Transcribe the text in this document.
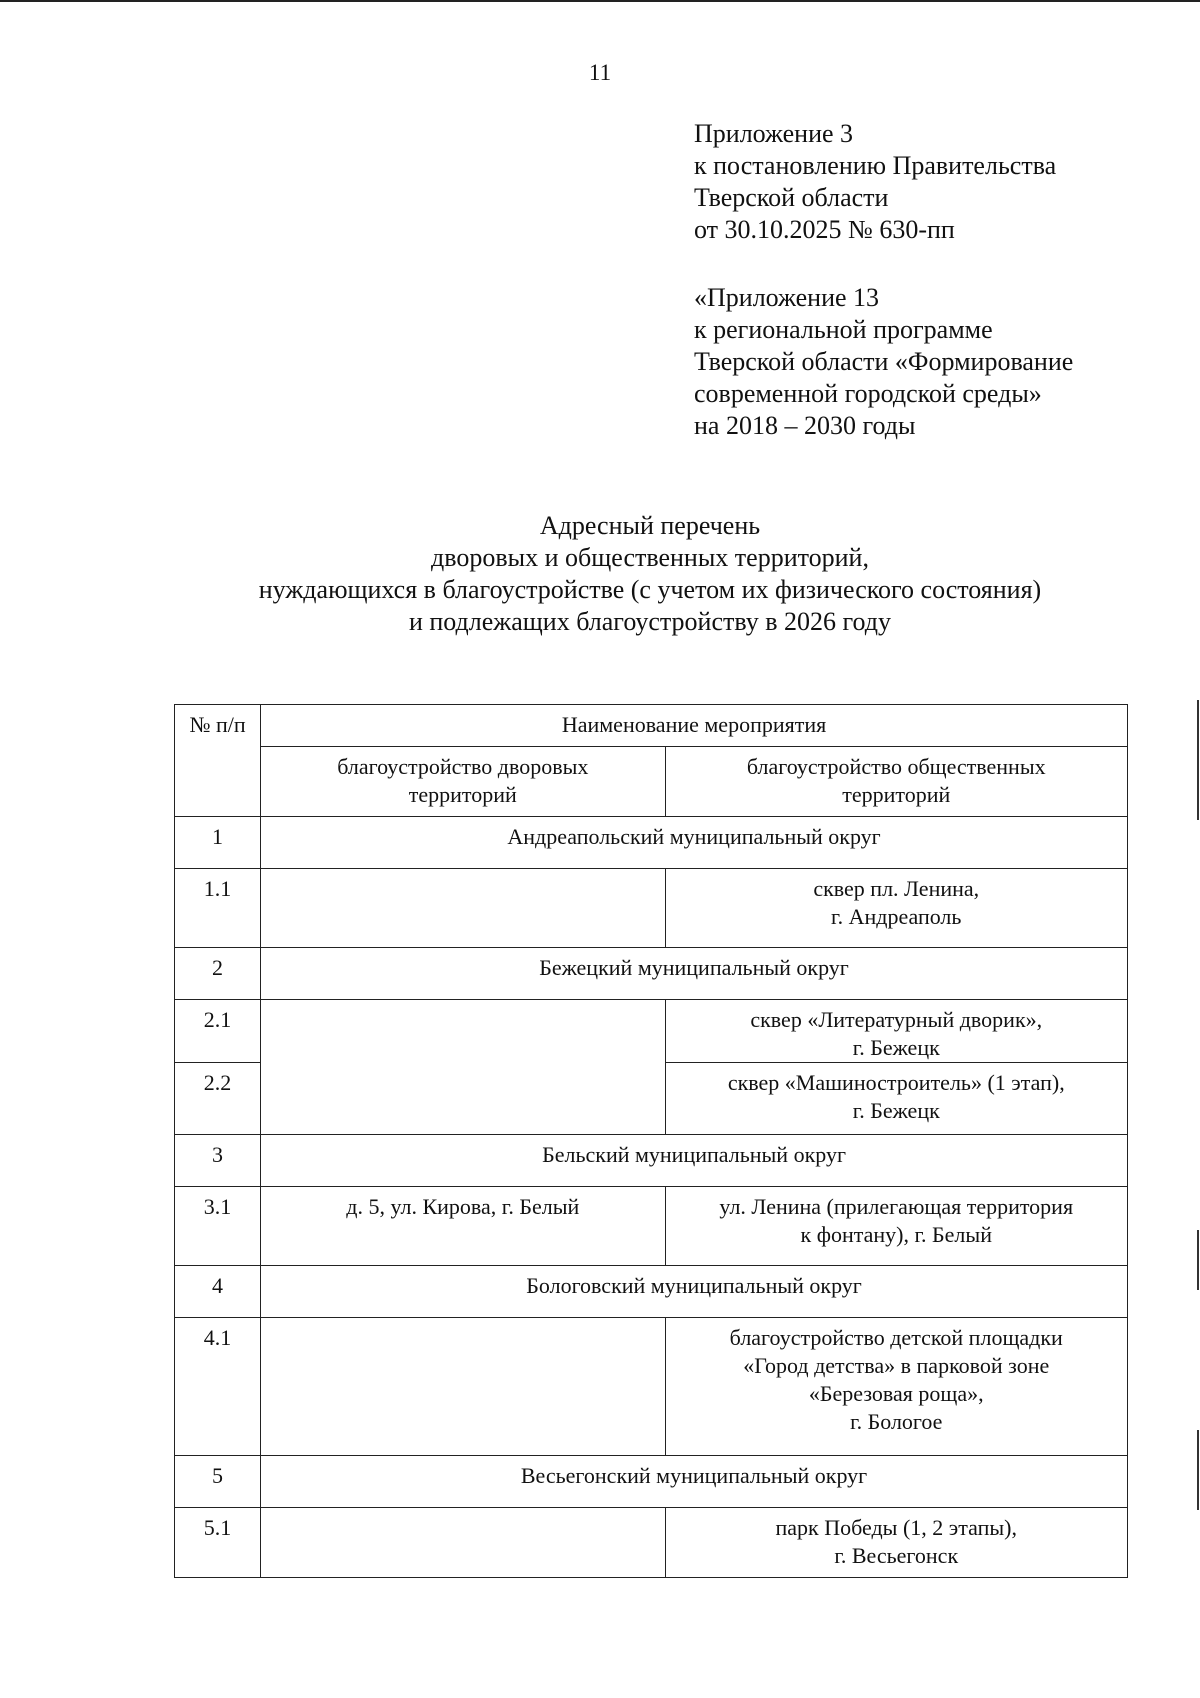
11
Приложение 3
к постановлению Правительства
Тверской области
от 30.10.2025 № 630-пп
«Приложение 13
к региональной программе
Тверской области «Формирование
современной городской среды»
на 2018 – 2030 годы
Адресный перечень
дворовых и общественных территорий,
нуждающихся в благоустройстве (с учетом их физического состояния)
и подлежащих благоустройству в 2026 году
№ п/п	Наименование мероприятия	

	благоустройство дворовых территорий	благоустройство общественных территорий

1	Андреапольский муниципальный округ	

1.1		сквер пл. Ленина,
г. Андреаполь

2	Бежецкий муниципальный округ	

2.1		сквер «Литературный дворик»,
г. Бежецк

2.2		сквер «Машиностроитель» (1 этап),
г. Бежецк

3	Бельский муниципальный округ	

3.1	д. 5, ул. Кирова, г. Белый	ул. Ленина (прилегающая территория
к фонтану), г. Белый

4	Бологовский муниципальный округ	

4.1		благоустройство детской площадки
«Город детства» в парковой зоне
«Березовая роща»,
г. Бологое

5	Весьегонский муниципальный округ	

5.1		парк Победы (1, 2 этапы),
г. Весьегонск
